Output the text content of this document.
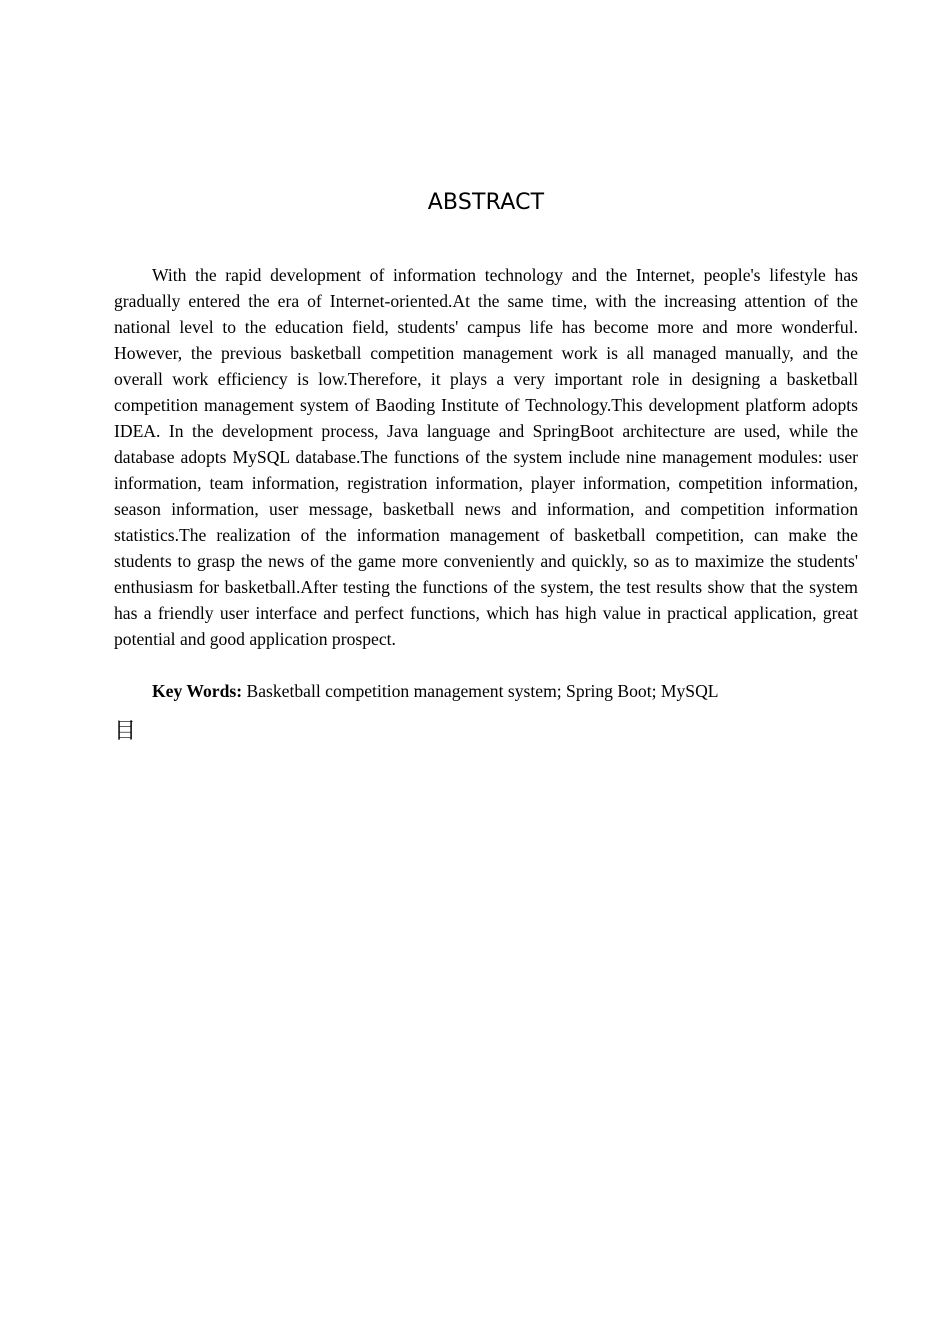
ABSTRACT

With the rapid development of information technology and the Internet, people's lifestyle has gradually entered the era of Internet-oriented.At the same time, with the increasing attention of the national level to the education field, students' campus life has become more and more wonderful. However, the previous basketball competition management work is all managed manually, and the overall work efficiency is low.Therefore, it plays a very important role in designing a basketball competition management system of Baoding Institute of Technology.This development platform adopts IDEA. In the development process, Java language and SpringBoot architecture are used, while the database adopts MySQL database.The functions of the system include nine management modules: user information, team information, registration information, player information, competition information, season information, user message, basketball news and information, and competition information statistics.The realization of the information management of basketball competition, can make the students to grasp the news of the game more conveniently and quickly, so as to maximize the students' enthusiasm for basketball.After testing the functions of the system, the test results show that the system has a friendly user interface and perfect functions, which has high value in practical application, great potential and good application prospect.

Key Words: Basketball competition management system; Spring Boot; MySQL

目
